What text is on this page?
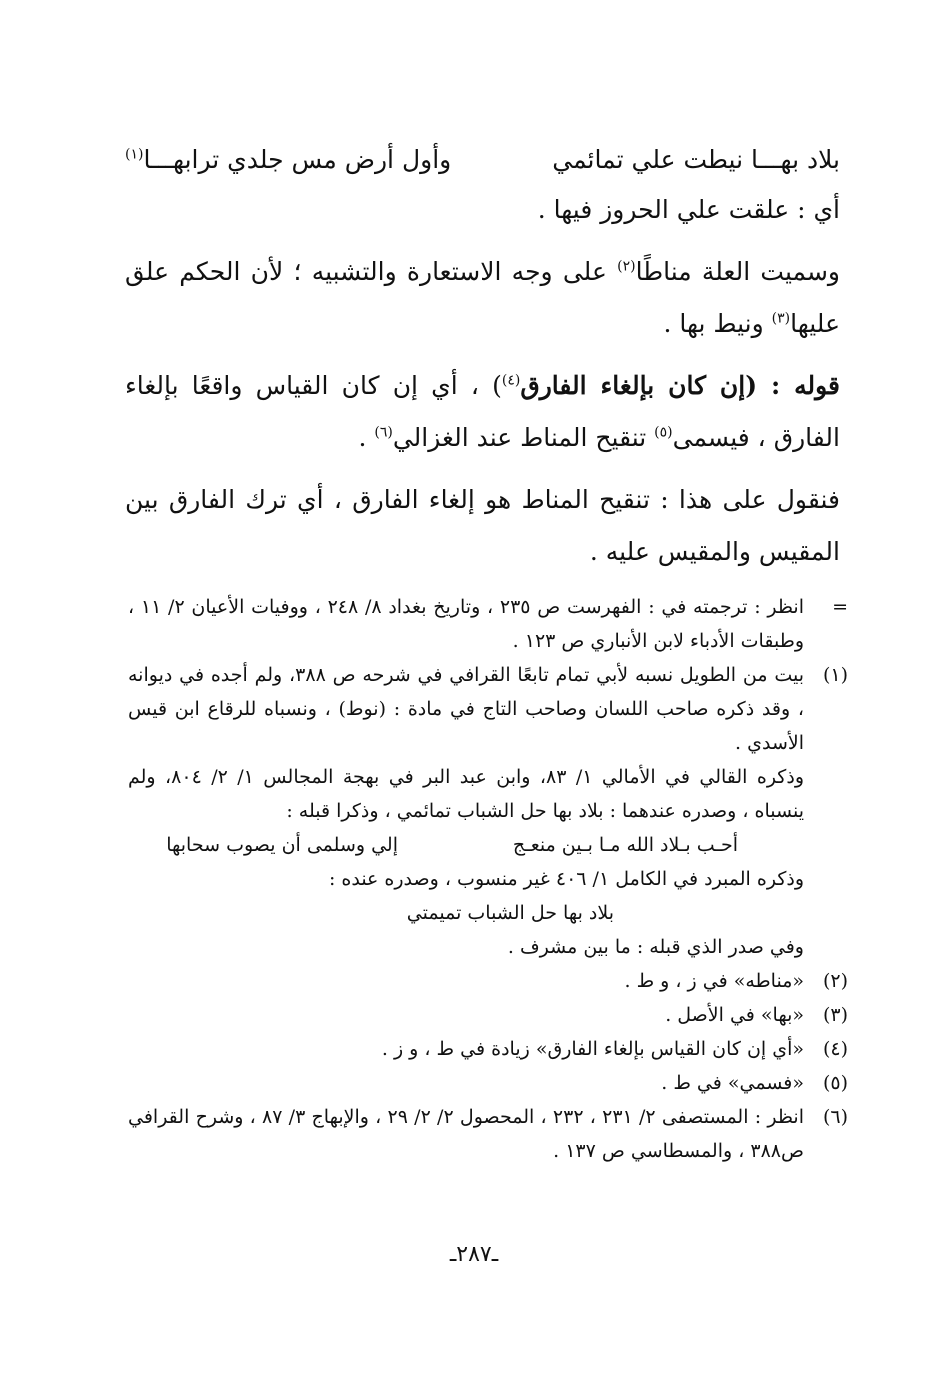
بلاد بهـــا نيطت علي تمائمي
وأول أرض مس جلدي ترابهـــا$^{(١)}$

أي : علقت علي الحروز فيها .

وسميت العلة مناطًا$^{(٢)}$ على وجه الاستعارة والتشبيه ؛ لأن الحكم علق عليها$^{(٣)}$ ونيط بها .

قوله : (إن كان بإلغاء الفارق$^{(٤)}$) ، أي إن كان القياس واقعًا بإلغاء الفارق ، فيسمى$^{(٥)}$ تنقيح المناط عند الغزالي$^{(٦)}$ .

فنقول على هذا : تنقيح المناط هو إلغاء الفارق ، أي ترك الفارق بين المقيس والمقيس عليه .

=
انظر : ترجمته في : الفهرست ص ٢٣٥ ، وتاريخ بغداد ٨/ ٢٤٨ ، ووفيات الأعيان ٢/ ١١ ، وطبقات الأدباء لابن الأنباري ص ١٢٣ .

(١)
بيت من الطويل نسبه لأبي تمام تابعًا القرافي في شرحه ص ٣٨٨، ولم أجده في ديوانه ، وقد ذكره صاحب اللسان وصاحب التاج في مادة : (نوط) ، ونسباه للرقاع ابن قيس الأسدي .

وذكره القالي في الأمالي ١/ ٨٣، وابن عبد البر في بهجة المجالس ١/ ٢/ ٨٠٤، ولم ينسباه ، وصدره عندهما : بلاد بها حل الشباب تمائمي ، وذكرا قبله :

أحـب بـلاد الله مـا بـين منعـج
إلي وسلمى أن يصوب سحابها

وذكره المبرد في الكامل ١/ ٤٠٦ غير منسوب ، وصدره عنده :

بلاد بها حل الشباب تميمتي

وفي صدر الذي قبله : ما بين مشرف .

(٢)
«مناطه» في ز ، و ط .

(٣)
«بها» في الأصل .

(٤)
«أي إن كان القياس بإلغاء الفارق» زيادة في ط ، و ز .

(٥)
«فسمي» في ط .

(٦)
انظر : المستصفى ٢/ ٢٣١ ، ٢٣٢ ، المحصول ٢/ ٢/ ٢٩ ، والإبهاج ٣/ ٨٧ ، وشرح القرافي ص٣٨٨ ، والمسطاسي ص ١٣٧ .

ـ٢٨٧ـ
